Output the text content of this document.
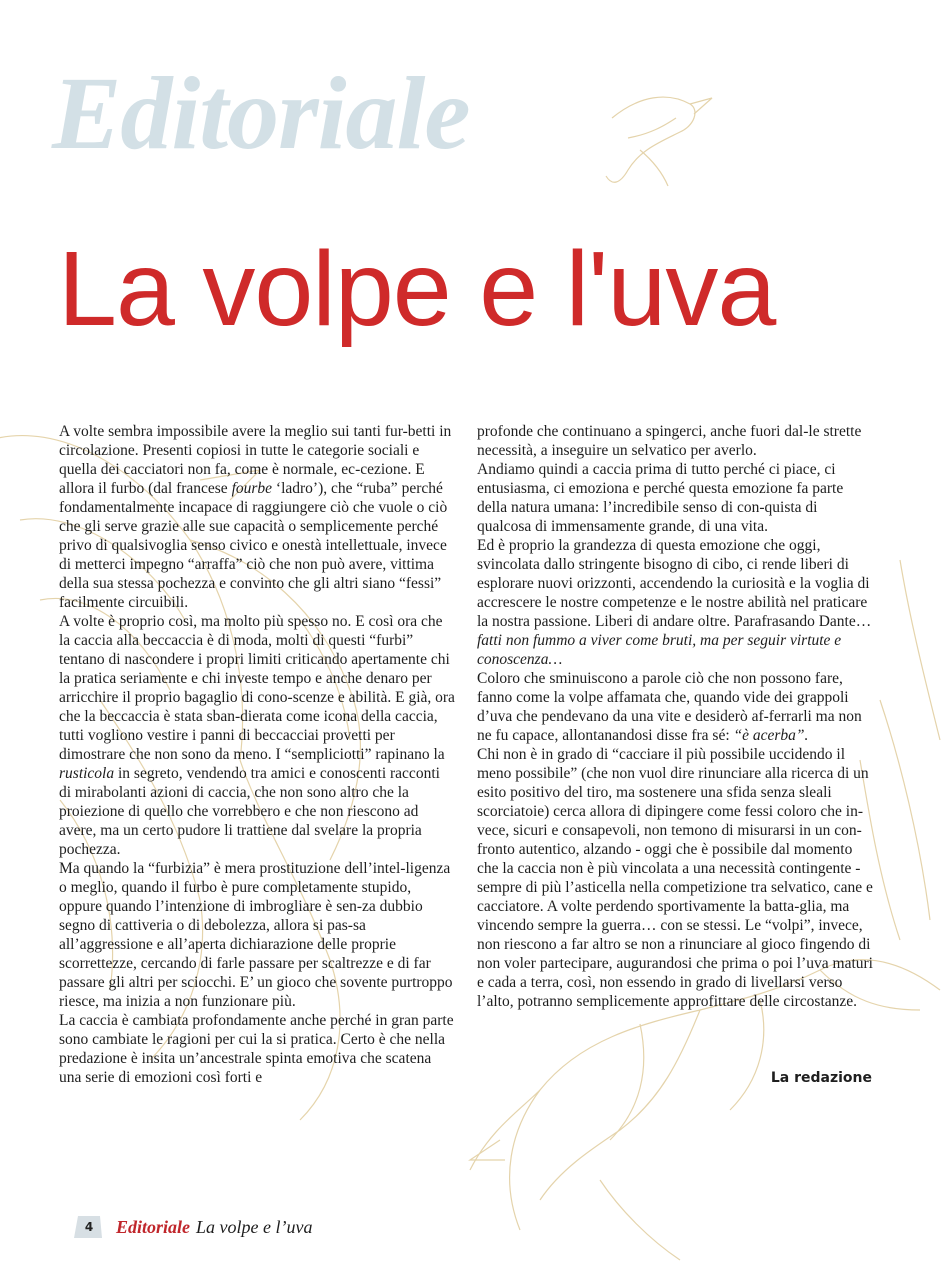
Editoriale
La volpe e l'uva

A volte sembra impossibile avere la meglio sui tanti fur-betti in circolazione. Presenti copiosi in tutte le categorie sociali e quella dei cacciatori non fa, come è normale, ec-cezione. E allora il furbo (dal francese fourbe ‘ladro’), che “ruba” perché fondamentalmente incapace di raggiungere ciò che vuole o ciò che gli serve grazie alle sue capacità o semplicemente perché privo di qualsivoglia senso civico e onestà intellettuale, invece di metterci impegno “arraffa” ciò che non può avere, vittima della sua stessa pochezza e convinto che gli altri siano “fessi” facilmente circuibili.

A volte è proprio così, ma molto più spesso no. E così ora che la caccia alla beccaccia è di moda, molti di questi “furbi” tentano di nascondere i propri limiti criticando apertamente chi la pratica seriamente e chi investe tempo e anche denaro per arricchire il proprio bagaglio di cono-scenze e abilità. E già, ora che la beccaccia è stata sban-dierata come icona della caccia, tutti vogliono vestire i panni di beccacciai provetti per dimostrare che non sono da meno. I “sempliciotti” rapinano la rusticola in segreto, vendendo tra amici e conoscenti racconti di mirabolanti azioni di caccia, che non sono altro che la proiezione di quello che vorrebbero e che non riescono ad avere, ma un certo pudore li trattiene dal svelare la propria pochezza.

Ma quando la “furbizia” è mera prostituzione dell’intel-ligenza o meglio, quando il furbo è pure completamente stupido, oppure quando l’intenzione di imbrogliare è sen-za dubbio segno di cattiveria o di debolezza, allora si pas-sa all’aggressione e all’aperta dichiarazione delle proprie scorrettezze, cercando di farle passare per scaltrezze e di far passare gli altri per sciocchi. E’ un gioco che sovente purtroppo riesce, ma inizia a non funzionare più.

La caccia è cambiata profondamente anche perché in gran parte sono cambiate le ragioni per cui la si pratica. Certo è che nella predazione è insita un’ancestrale spinta emotiva che scatena una serie di emozioni così forti e

profonde che continuano a spingerci, anche fuori dal-le strette necessità, a inseguire un selvatico per averlo.

Andiamo quindi a caccia prima di tutto perché ci piace, ci entusiasma, ci emoziona e perché questa emozione fa parte della natura umana: l’incredibile senso di con-quista di qualcosa di immensamente grande, di una vita.

Ed è proprio la grandezza di questa emozione che oggi, svincolata dallo stringente bisogno di cibo, ci rende liberi di esplorare nuovi orizzonti, accendendo la curiosità e la voglia di accrescere le nostre competenze e le nostre abilità nel praticare la nostra passione. Liberi di andare oltre. Parafrasando Dante… fatti non fummo a viver come bruti, ma per seguir virtute e conoscenza…

Coloro che sminuiscono a parole ciò che non possono fare, fanno come la volpe affamata che, quando vide dei grappoli d’uva che pendevano da una vite e desiderò af-ferrarli ma non ne fu capace, allontanandosi disse fra sé: “è acerba”.

Chi non è in grado di “cacciare il più possibile uccidendo il meno possibile” (che non vuol dire rinunciare alla ricerca di un esito positivo del tiro, ma sostenere una sfida senza sleali scorciatoie) cerca allora di dipingere come fessi coloro che in-vece, sicuri e consapevoli, non temono di misurarsi in un con-fronto autentico, alzando - oggi che è possibile dal momento che la caccia non è più vincolata a una necessità contingente - sempre di più l’asticella nella competizione tra selvatico, cane e cacciatore. A volte perdendo sportivamente la batta-glia, ma vincendo sempre la guerra… con se stessi. Le “volpi”, invece, non riescono a far altro se non a rinunciare al gioco fingendo di non voler partecipare, augurandosi che prima o poi l’uva maturi e cada a terra, così, non essendo in grado di livellarsi verso l’alto, potranno semplicemente approfittare delle circostanze.

La redazione

4	Editoriale La volpe e l’uva
